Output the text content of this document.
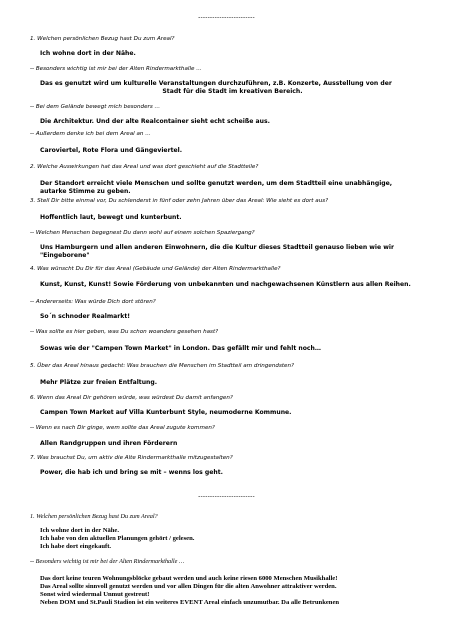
------------------------
1. Welchen persönlichen Bezug hast Du zum Areal?
Ich wohne dort in der Nähe.
-- Besonders wichtig ist mir bei der Alten Rindermarkthalle …
Das es genutzt wird um kulturelle Veranstaltungen durchzuführen, z.B. Konzerte, Ausstellung von der
Stadt für die Stadt im kreativen Bereich.
-- Bei dem Gelände bewegt mich besonders …
Die Architektur. Und der alte Realcontainer sieht echt scheiße aus.
-- Außerdem denke ich bei dem Areal an …
Caroviertel, Rote Flora und Gängeviertel.
2. Welche Auswirkungen hat das Areal und was dort geschieht auf die Stadtteile?
Der Standort erreicht viele Menschen und sollte genutzt werden, um dem Stadtteil eine unabhängige,
autarke Stimme zu geben.
3. Stell Dir bitte einmal vor, Du schlenderst in fünf oder zehn Jahren über das Areal: Wie sieht es dort aus?
Hoffentlich laut, bewegt und kunterbunt.
-- Welchen Menschen begegnest Du dann wohl auf einem solchen Spaziergang?
Uns Hamburgern und allen anderen Einwohnern, die die Kultur dieses Stadtteil genauso lieben wie wir
"Eingeborene"
4. Was wünscht Du Dir für das Areal (Gebäude und Gelände) der Alten Rindermarkthalle?
Kunst, Kunst, Kunst! Sowie Förderung von unbekannten und nachgewachsenen Künstlern aus allen Reihen.
-- Andererseits: Was würde Dich dort stören?
So´n schnoder Realmarkt!
-- Was sollte es hier geben, was Du schon woanders gesehen hast?
Sowas wie der "Campen Town Market" in London. Das gefällt mir und fehlt noch…
5. Über das Areal hinaus gedacht: Was brauchen die Menschen im Stadtteil am dringendsten?
Mehr Plätze zur freien Entfaltung.
6. Wenn das Areal Dir gehören würde, was würdest Du damit anfangen?
Campen Town Market auf Villa Kunterbunt Style, neumoderne Kommune.
-- Wenn es nach Dir ginge, wem sollte das Areal zugute kommen?
Allen Randgruppen und ihren Förderern
7. Was brauchst Du, um aktiv die Alte Rindermarkthalle mitzugestalten?
Power, die hab ich und bring se mit – wenns los geht.
------------------------
1. Welchen persönlichen Bezug hast Du zum Areal?
Ich wohne dort in der Nähe.
Ich habe von den aktuellen Planungen gehört / gelesen.
Ich habe dort eingekauft.
-- Besonders wichtig ist mir bei der Alten Rindermarkthalle …
Das dort keine teuren Wohnungsblöcke gebaut werden und auch keine riesen 6000 Menschen Musikhalle!
Das Areal sollte sinnvoll genutzt werden und vor allen Dingen für die alten Anwohner attraktiver werden.
Sonst wird wiedermal Unmut gestreut!
Neben DOM und St.Pauli Stadion ist ein weiteres EVENT Areal einfach unzumutbar. Da alle Betrunkenen
